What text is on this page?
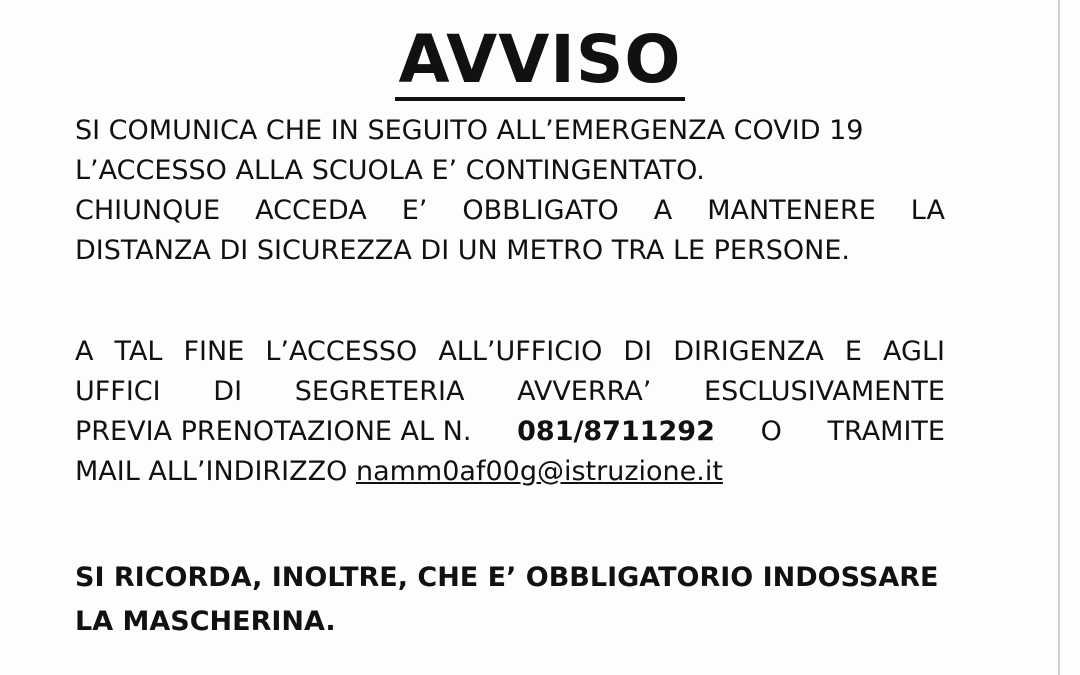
AVVISO
SI COMUNICA CHE IN SEGUITO ALL’EMERGENZA COVID 19
L’ACCESSO ALLA SCUOLA E’ CONTINGENTATO.
CHIUNQUE ACCEDA E’ OBBLIGATO A MANTENERE LA
DISTANZA DI SICUREZZA DI UN METRO TRA LE PERSONE.
A TAL FINE L’ACCESSO ALL’UFFICIO DI DIRIGENZA E AGLI
UFFICI DI SEGRETERIA AVVERRA’ ESCLUSIVAMENTE
PREVIA PRENOTAZIONE AL N. 081/8711292 O TRAMITE
MAIL ALL’INDIRIZZO namm0af00g@istruzione.it
SI RICORDA, INOLTRE, CHE E’ OBBLIGATORIO INDOSSARE
LA MASCHERINA.
